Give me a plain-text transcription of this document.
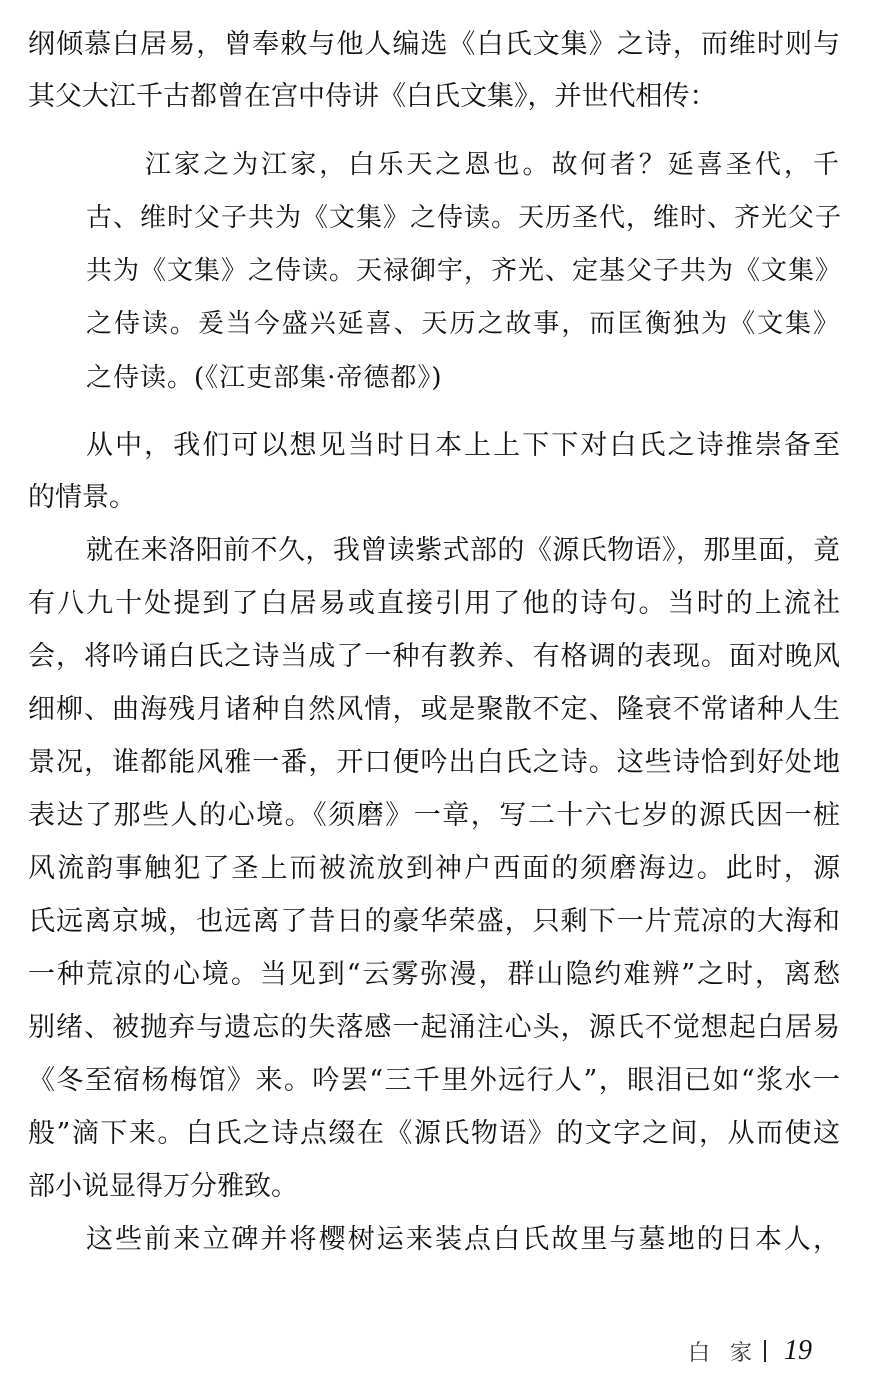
纲倾慕白居易，曾奉敕与他人编选《白氏文集》之诗，而维时则与
其父大江千古都曾在宫中侍讲《白氏文集》，并世代相传：
江家之为江家，白乐天之恩也。故何者？延喜圣代，千
古、维时父子共为《文集》之侍读。天历圣代，维时、齐光父子
共为《文集》之侍读。天禄御宇，齐光、定基父子共为《文集》
之侍读。爰当今盛兴延喜、天历之故事，而匡衡独为《文集》
之侍读。(《江吏部集·帝德都》)
从中，我们可以想见当时日本上上下下对白氏之诗推崇备至
的情景。
就在来洛阳前不久，我曾读紫式部的《源氏物语》，那里面，竟
有八九十处提到了白居易或直接引用了他的诗句。当时的上流社
会，将吟诵白氏之诗当成了一种有教养、有格调的表现。面对晚风
细柳、曲海残月诸种自然风情，或是聚散不定、隆衰不常诸种人生
景况，谁都能风雅一番，开口便吟出白氏之诗。这些诗恰到好处地
表达了那些人的心境。《须磨》一章，写二十六七岁的源氏因一桩
风流韵事触犯了圣上而被流放到神户西面的须磨海边。此时，源
氏远离京城，也远离了昔日的豪华荣盛，只剩下一片荒凉的大海和
一种荒凉的心境。当见到“云雾弥漫，群山隐约难辨”之时，离愁
别绪、被抛弃与遗忘的失落感一起涌注心头，源氏不觉想起白居易
《冬至宿杨梅馆》来。吟罢“三千里外远行人”，眼泪已如“浆水一
般”滴下来。白氏之诗点缀在《源氏物语》的文字之间，从而使这
部小说显得万分雅致。
这些前来立碑并将樱树运来装点白氏故里与墓地的日本人，
白 家 19
